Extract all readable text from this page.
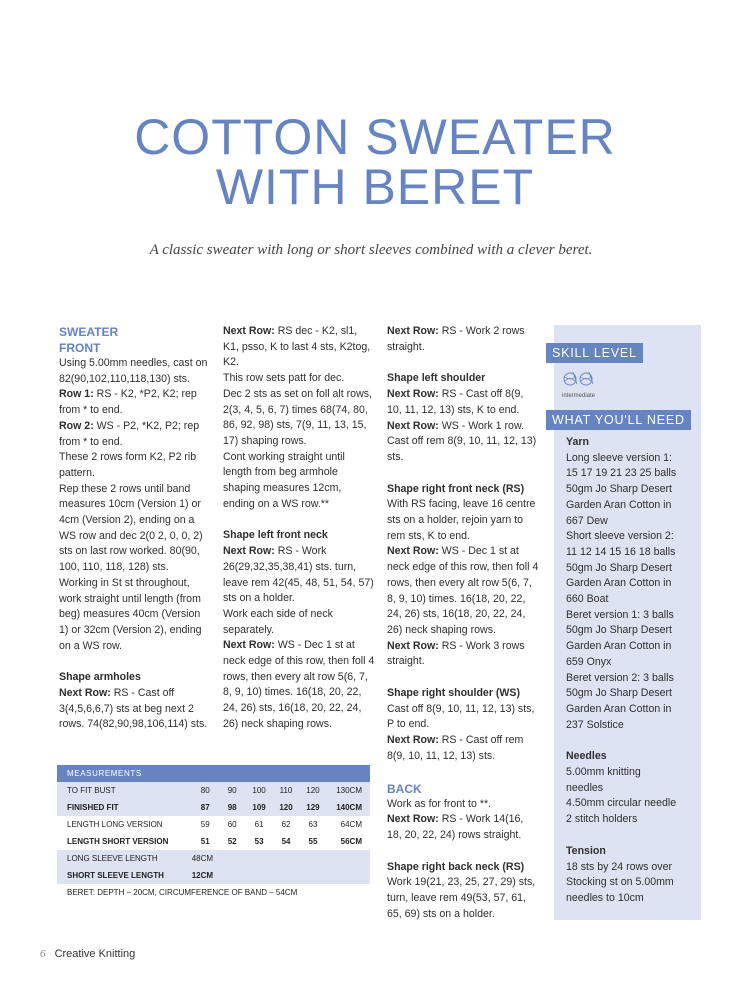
COTTON SWEATER
WITH BERET
A classic sweater with long or short sleeves combined with a clever beret.
SWEATER
FRONT

Using 5.00mm needles, cast on 82(90,102,110,118,130) sts.

Row 1: RS - K2, *P2, K2; rep from * to end.

Row 2: WS - P2, *K2, P2; rep from * to end.

These 2 rows form K2, P2 rib pattern.

Rep these 2 rows until band measures 10cm (Version 1) or 4cm (Version 2), ending on a WS row and dec 2(0 2, 0, 0, 2) sts on last row worked. 80(90, 100, 110, 118, 128) sts.

Working in St st throughout, work straight until length (from beg) measures 40cm (Version 1) or 32cm (Version 2), ending on a WS row.

Shape armholes

Next Row: RS - Cast off 3(4,5,6,6,7) sts at beg next 2 rows. 74(82,90,98,106,114) sts.

Next Row: RS dec - K2, sl1, K1, psso, K to last 4 sts, K2tog, K2.

This row sets patt for dec.

Dec 2 sts as set on foll alt rows,

2(3, 4, 5, 6, 7) times 68(74, 80, 86, 92, 98) sts, 7(9, 11, 13, 15, 17) shaping rows.

Cont working straight until length from beg armhole shaping measures 12cm, ending on a WS row.**

Shape left front neck

Next Row: RS - Work 26(29,32,35,38,41) sts. turn, leave rem 42(45, 48, 51, 54, 57) sts on a holder.

Work each side of neck separately.

Next Row: WS - Dec 1 st at neck edge of this row, then foll 4 rows, then every alt row 5(6, 7, 8, 9, 10) times. 16(18, 20, 22, 24, 26) sts, 16(18, 20, 22, 24, 26) neck shaping rows.

Next Row: RS - Work 2 rows straight.

Shape left shoulder

Next Row: RS - Cast off 8(9, 10, 11, 12, 13) sts, K to end.

Next Row: WS - Work 1 row. Cast off rem 8(9, 10, 11, 12, 13) sts.

Shape right front neck (RS)

With RS facing, leave 16 centre sts on a holder, rejoin yarn to rem sts, K to end.

Next Row: WS - Dec 1 st at neck edge of this row, then foll 4 rows, then every alt row 5(6, 7, 8, 9, 10) times. 16(18, 20, 22, 24, 26) sts, 16(18, 20, 22, 24, 26) neck shaping rows.

Next Row: RS - Work 3 rows straight.

Shape right shoulder (WS)

Cast off 8(9, 10, 11, 12, 13) sts, P to end.

Next Row: RS - Cast off rem 8(9, 10, 11, 12, 13) sts.

BACK

Work as for front to **.

Next Row: RS - Work 14(16, 18, 20, 22, 24) rows straight.

Shape right back neck (RS)

Work 19(21, 23, 25, 27, 29) sts, turn, leave rem 49(53, 57, 61, 65, 69) sts on a holder.

SKILL LEVEL
intermediate
WHAT YOU'LL NEED

Yarn

Long sleeve version 1:

15 17 19 21 23 25 balls

50gm Jo Sharp Desert

Garden Aran Cotton in

667 Dew

Short sleeve version 2:

11 12 14 15 16 18 balls

50gm Jo Sharp Desert

Garden Aran Cotton in

660 Boat

Beret version 1: 3 balls

50gm Jo Sharp Desert

Garden Aran Cotton in

659 Onyx

Beret version 2: 3 balls

50gm Jo Sharp Desert

Garden Aran Cotton in

237 Solstice

Needles

5.00mm knitting

needles

4.50mm circular needle

2 stitch holders

Tension

18 sts by 24 rows over

Stocking st on 5.00mm

needles to 10cm

MEASUREMENTS						
TO FIT BUST	80	90	100	110	120	130CM
FINISHED FIT	87	98	109	120	129	140CM
LENGTH LONG VERSION	59	60	61	62	63	64CM
LENGTH SHORT VERSION	51	52	53	54	55	56CM
LONG SLEEVE LENGTH	48CM					
SHORT SLEEVE LENGTH	12CM					
BERET: DEPTH – 20CM, CIRCUMFERENCE OF BAND – 54CM						
6 Creative Knitting
